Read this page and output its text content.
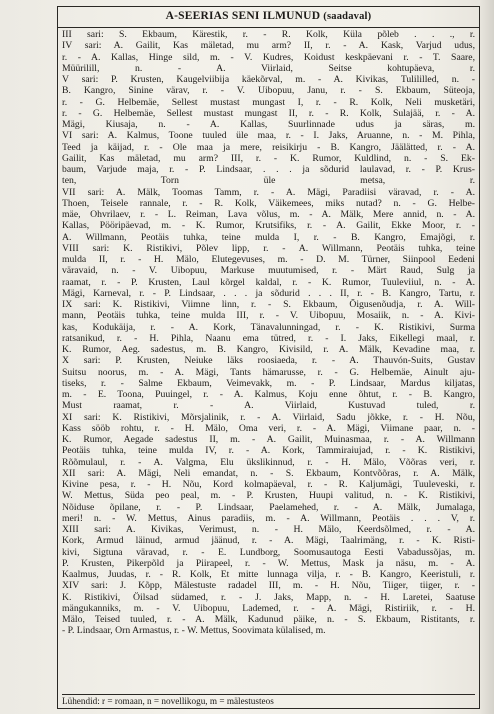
A-SEERIAS SENI ILMUNUD (saadaval)
III sari: S. Ekbaum, Kärestik, r. - R. Kolk, Küla põleb . . ., r.
IV sari: A. Gailit, Kas mäletad, mu arm? II, r. - A. Kask, Varjud udus,
r. - A. Kallas, Hinge sild, m. - V. Kudres, Koidust keskpäevani r. - T. Saare,
Müürilill, n. - A. Viirlaid, Seitse kohtupäeva, r.
V sari: P. Krusten, Kaugelviibija käekõrval, m. - A. Kivikas, Tulililled, n. -
B. Kangro, Sinine värav, r. - V. Uibopuu, Janu, r. - S. Ekbaum, Süteoja,
r. - G. Helbemäe, Sellest mustast mungast I, r. - R. Kolk, Neli musketäri,
r. - G. Helbemäe, Sellest mustast mungast II, r. - R. Kolk, Sulajää, r. - A.
Mägi, Kiusaja, n. - A. Kallas, Suurlinnade udus ja säras, m.
VI sari: A. Kalmus, Toone tuuled üle maa, r. - I. Jaks, Aruanne, n. - M. Pihla,
Teed ja käijad, r. - Ole maa ja mere, reisikirju - B. Kangro, Jäälätted, r. - A.
Gailit, Kas mäletad, mu arm? III, r. - K. Rumor, Kuldlind, n. - S. Ek-
baum, Varjude maja, r. - P. Lindsaar, . . . ja sõdurid laulavad, r. - P. Krus-
ten, Torn üle metsa, r.
VII sari: A. Mälk, Toomas Tamm, r. - A. Mägi, Paradiisi väravad, r. - A.
Thoen, Teisele rannale, r. - R. Kolk, Väikemees, miks nutad? n. - G. Helbe-
mäe, Ohvrilaev, r. - L. Reiman, Lava võlus, m. - A. Mälk, Mere annid, n. - A.
Kallas, Pööripäevad, m. - K. Rumor, Krutsifiks, r. - A. Gailit, Ekke Moor, r. -
A. Willmann, Peotäis tuhka, teine mulda I, r. - B. Kangro, Emajõgi, r.
VIII sari: K. Ristikivi, Põlev lipp, r. - A. Willmann, Peotäis tuhka, teine
mulda II, r. - H. Mälo, Elutegevuses, m. - D. M. Türner, Siinpool Eedeni
väravaid, n. - V. Uibopuu, Markuse muutumised, r. - Märt Raud, Sulg ja
raamat, r. - P. Krusten, Laul kõrgel kaldal, r. - K. Rumor, Tuuleviiul, n. - A.
Mägi, Karneval, r. - P. Lindsaar, . . . ja sõdurid . . . II, r. - B. Kangro, Tartu, r.
IX sari: K. Ristikivi, Viimne linn, r. - S. Ekbaum, Õigusenõudja, r. A. Will-
mann, Peotäis tuhka, teine mulda III, r. - V. Uibopuu, Mosaiik, n. - A. Kivi-
kas, Kodukäija, r. - A. Kork, Tänavalunningad, r. - K. Ristikivi, Surma
ratsanikud, r. - H. Pihla, Naanu ema tütred, r. - I. Jaks, Eikellegi maal, r.
K. Rumor, Aeg. sadestus, m. B. Kangro, Kivisild, r. A. Mälk, Kevadine maa, r.
X sari: P. Krusten, Neiuke läks roosiaeda, r. - A. Thauvón-Suits, Gustav
Suitsu noorus, m. - A. Mägi, Tants hämarusse, r. - G. Helbemäe, Ainult aju-
tiseks, r. - Salme Ekbaum, Veimevakk, m. - P. Lindsaar, Mardus kiljatas,
m. - E. Toona, Puuingel, r. - A. Kalmus, Koju enne õhtut, r. - B. Kangro,
Must raamat, r. - A. Viirlaid, Kustuvad tuled, r.
XI sari: K. Ristikivi, Mõrsjalinik, r. - A. Viirlaid, Sadu jõkke, r. - H. Nõu,
Kass sööb rohtu, r. - H. Mälo, Oma veri, r. - A. Mägi, Viimane paar, n. -
K. Rumor, Aegade sadestus II, m. - A. Gailit, Muinasmaa, r. - A. Willmann
Peotäis tuhka, teine mulda IV, r. - A. Kork, Tammiraiujad, r. - K. Ristikivi,
Rõõmulaul, r. - A. Valgma, Elu ükslikinnud, r. - H. Mälo, Võõras veri, r.
XII sari: A. Mägi, Neli emandat, n. - S. Ekbaum, Kontvõõras, r. A. Mälk,
Kivine pesa, r. - H. Nõu, Kord kolmapäeval, r. - R. Kaljumägi, Tuuleveski, r.
W. Mettus, Süda peo peal, m. - P. Krusten, Huupi valitud, n. - K. Ristikivi,
Nõiduse õpilane, r. - P. Lindsaar, Paelamehed, r. - A. Mälk, Jumalaga,
meri! n. - W. Mettus, Ainus paradiis, m. - A. Willmann, Peotäis . . . V, r.
XIII sari: A. Kivikas, Verimust, n. - H. Mälo, Keerdsõlmed, r. - A.
Kork, Armud läinud, armud jäänud, r. - A. Mägi, Taalrimäng, r. - K. Risti-
kivi, Sigtuna väravad, r. - E. Lundborg, Soomusautoga Eesti Vabadussõjas, m.
P. Krusten, Pikerpõld ja Piirapeel, r. - W. Mettus, Mask ja näsu, m. - A.
Kaalmus, Juudas, r. - R. Kolk, Et mitte lunnaga vilja, r. - B. Kangro, Keeristuli, r.
XIV sari: J. Kõpp, Mälestuste radadel III, m. - H. Nõu, Tiiger, tiiger, r. -
K. Ristikivi, Öilsad südamed, r. - J. Jaks, Mapp, n. - H. Laretei, Saatuse
mängukanniks, m. - V. Uibopuu, Lademed, r. - A. Mägi, Ristiriik, r. - H.
Mälo, Teised tuuled, r. - A. Mälk, Kadunud päike, n. - S. Ekbaum, Ristitants, r.
- P. Lindsaar, Orn Armastus, r. - W. Mettus, Soovimata külalised, m.
Lühendid: r = romaan, n = novellikogu, m = mälestusteos
